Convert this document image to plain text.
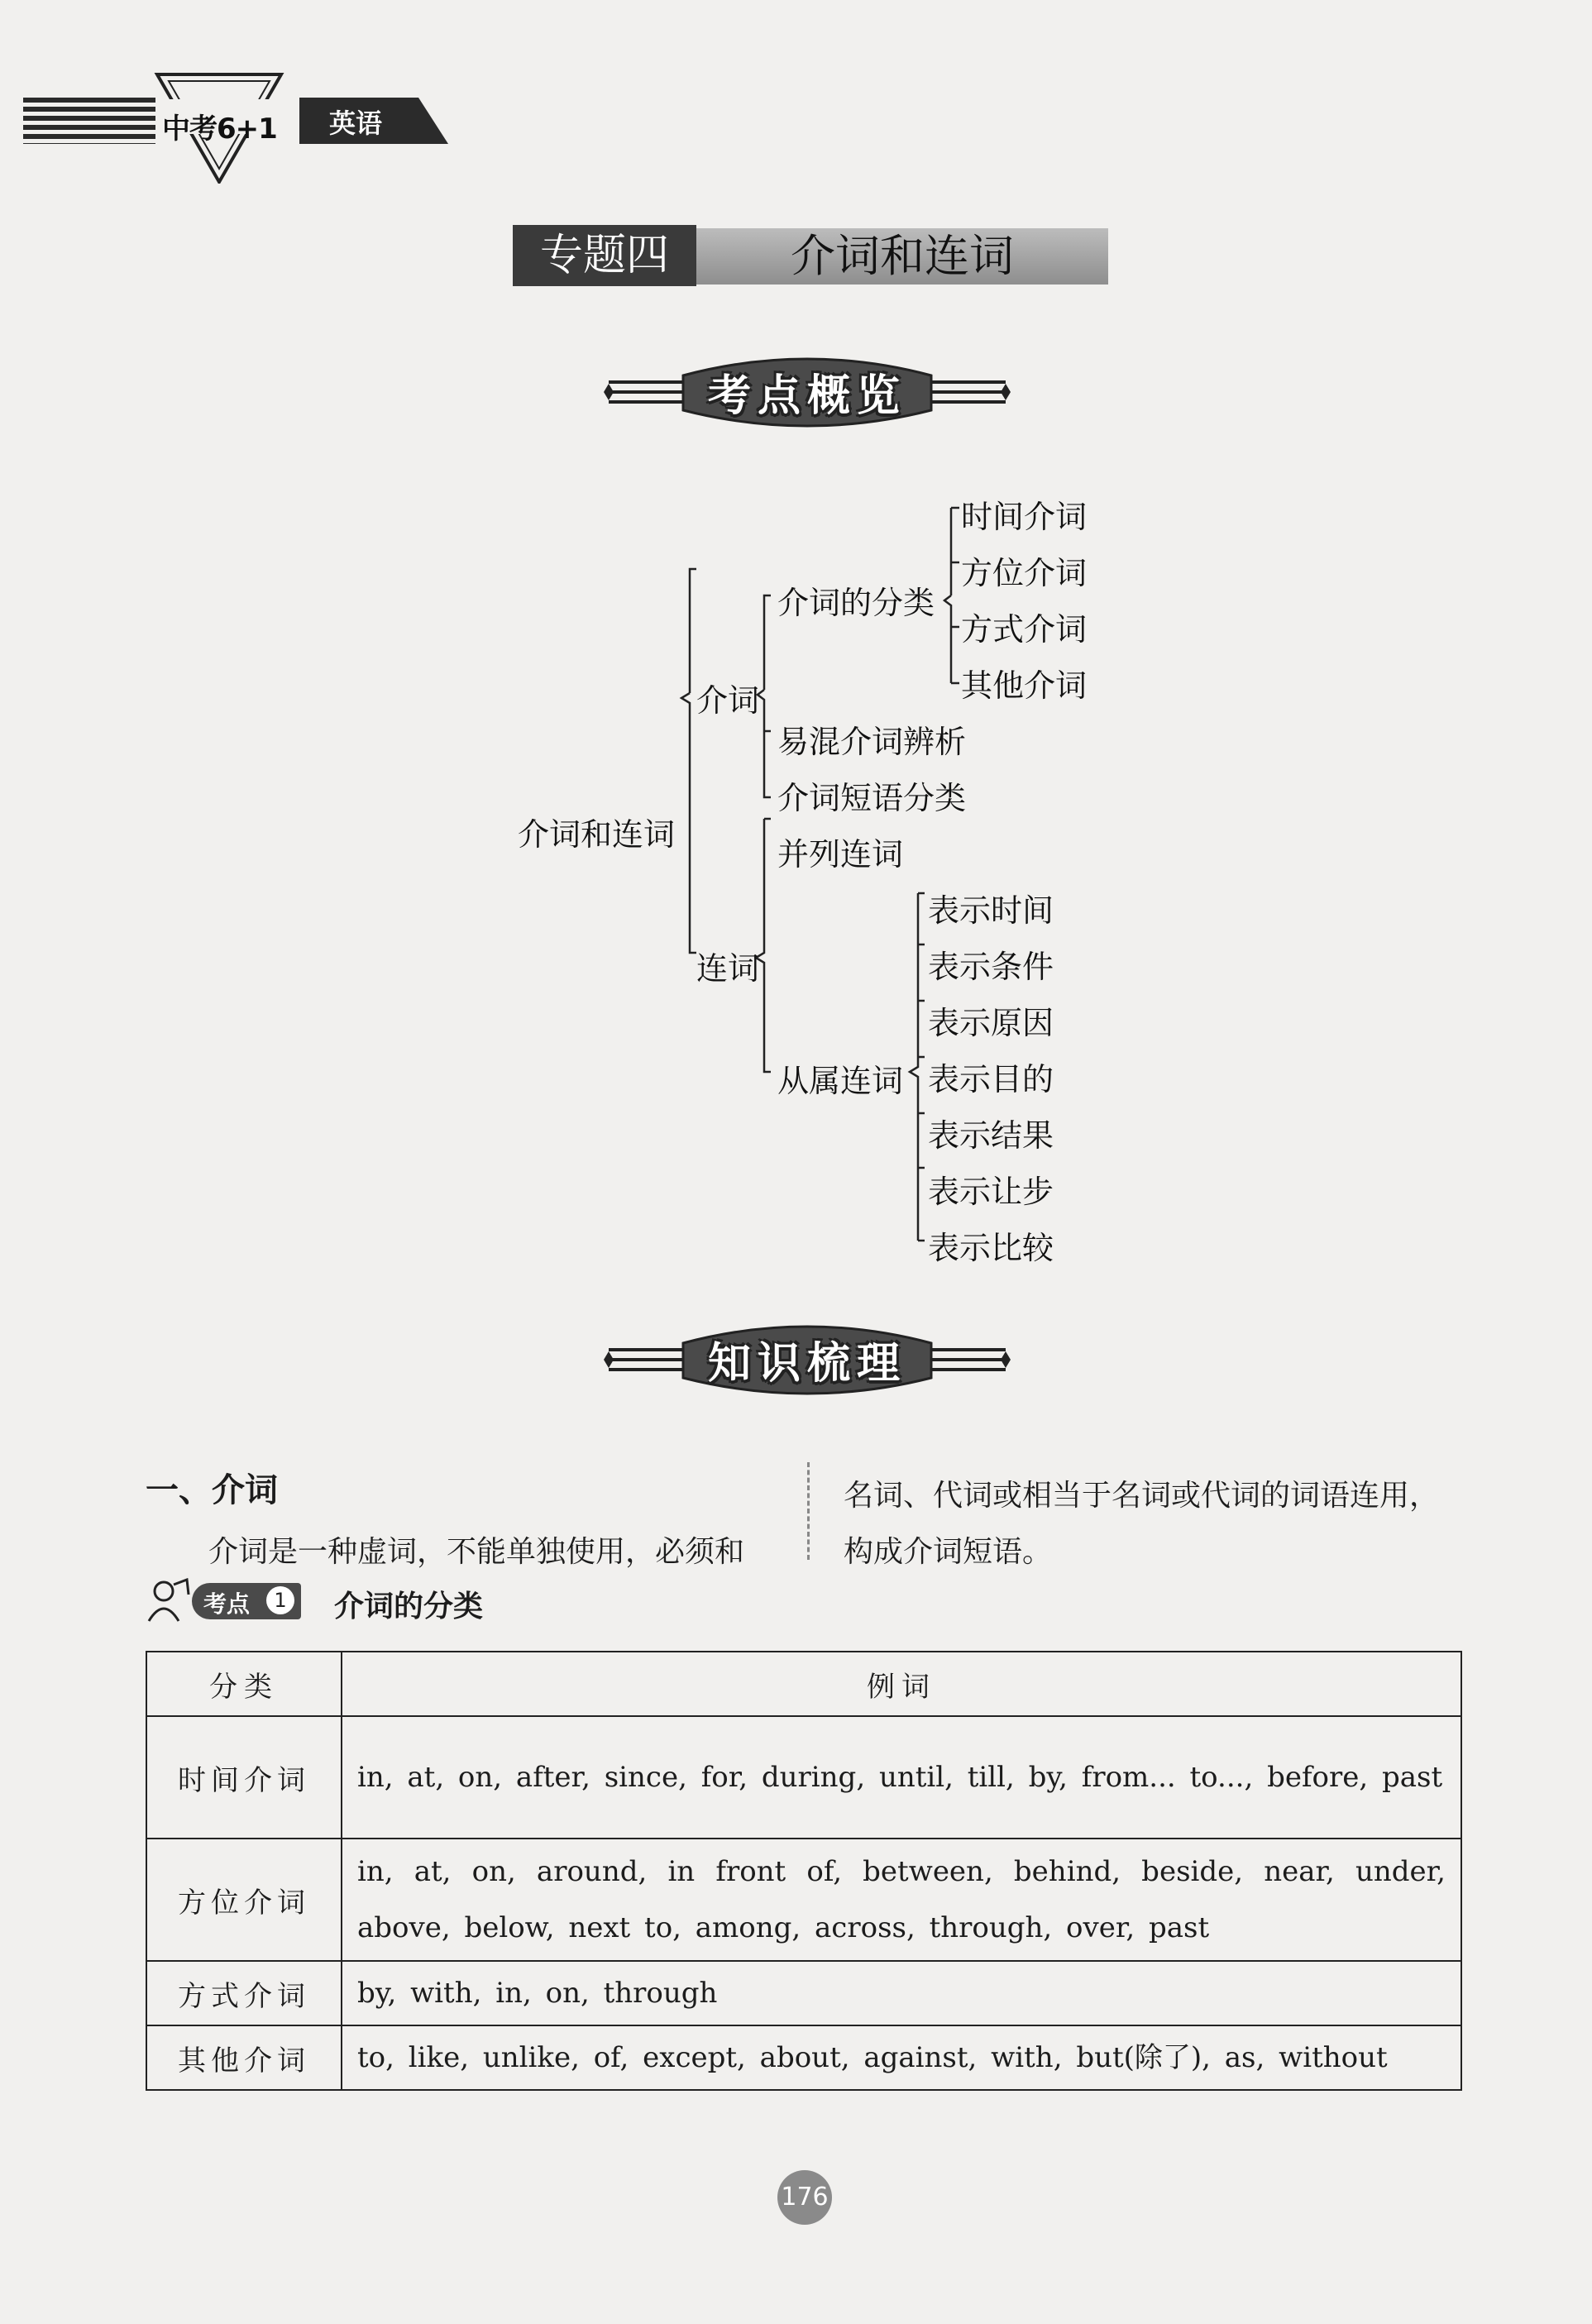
中考6+1 英语
专题四	介词和连词
考点概览
介词和连词
介词
介词的分类
时间介词
方位介词
方式介词
其他介词
易混介词辨析
介词短语分类
并列连词
连词
从属连词
表示时间
表示条件
表示原因
表示目的
表示结果
表示让步
表示比较
知识梳理
一、介词
介词是一种虚词，不能单独使用，必须和
名词、代词或相当于名词或代词的词语连用，
构成介词短语。
考点	1 介词的分类
分类	例词
时间介词	in, at, on, after, since, for, during, until, till, by, from... to..., before, past
方位介词	in, at, on, around, in front of, between, behind, beside, near, under, above, below, next to, among, across, through, over, past
方式介词	by, with, in, on, through
其他介词	to, like, unlike, of, except, about, against, with, but(除了), as, without
176
